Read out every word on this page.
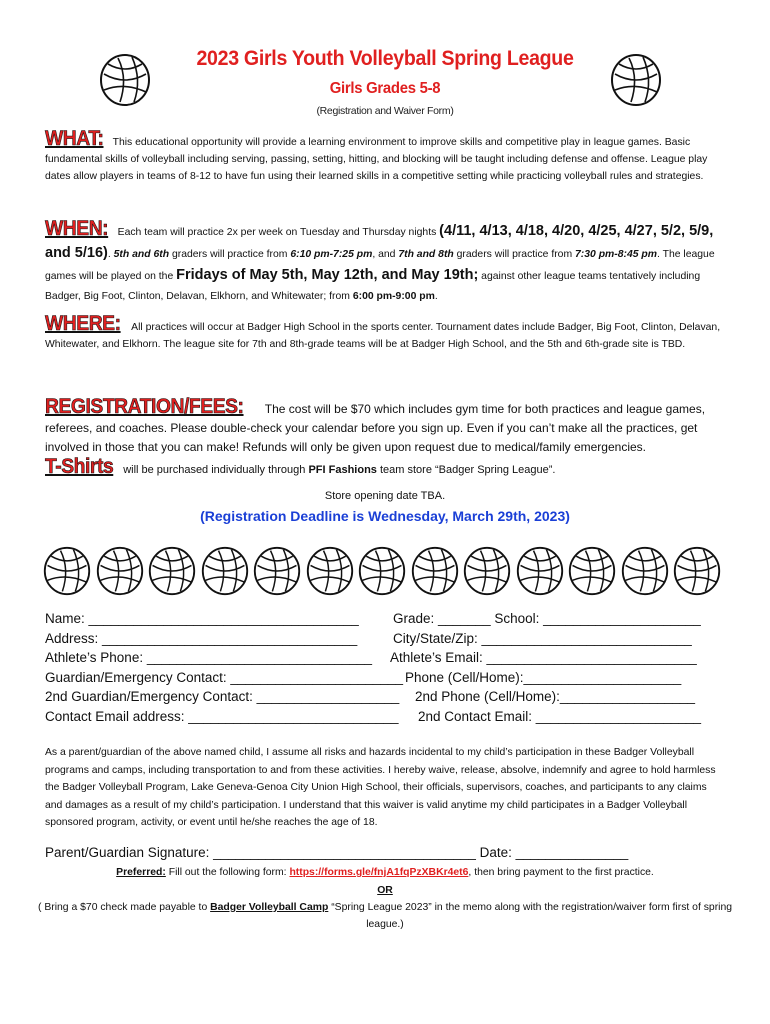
2023 Girls Youth Volleyball Spring League
Girls Grades 5-8
(Registration and Waiver Form)
WHAT: This educational opportunity will provide a learning environment to improve skills and competitive play in league games. Basic fundamental skills of volleyball including serving, passing, setting, hitting, and blocking will be taught including defense and offense. League play dates allow players in teams of 8-12 to have fun using their learned skills in a competitive setting while practicing volleyball rules and strategies.
WHEN: Each team will practice 2x per week on Tuesday and Thursday nights (4/11, 4/13, 4/18, 4/20, 4/25, 4/27, 5/2, 5/9, and 5/16). 5th and 6th graders will practice from 6:10 pm-7:25 pm, and 7th and 8th graders will practice from 7:30 pm-8:45 pm. The league games will be played on the Fridays of May 5th, May 12th, and May 19th; against other league teams tentatively including Badger, Big Foot, Clinton, Delavan, Elkhorn, and Whitewater; from 6:00 pm-9:00 pm.
WHERE: All practices will occur at Badger High School in the sports center. Tournament dates include Badger, Big Foot, Clinton, Delavan, Whitewater, and Elkhorn. The league site for 7th and 8th-grade teams will be at Badger High School, and the 5th and 6th-grade site is TBD.
REGISTRATION/FEES: The cost will be $70 which includes gym time for both practices and league games, referees, and coaches. Please double-check your calendar before you sign up. Even if you can’t make all the practices, get involved in those that you can make! Refunds will only be given upon request due to medical/family emergencies.
T-Shirts will be purchased individually through PFI Fashions team store “Badger Spring League”.
Store opening date TBA.
(Registration Deadline is Wednesday, March 29th, 2023)
Name: ____________________________________	Grade: _______ School: _____________________
Address: __________________________________	City/State/Zip: ____________________________
Athlete’s Phone: ______________________________ Athlete’s Email: ____________________________
Guardian/Emergency Contact: _______________________ Phone (Cell/Home):_____________________
2nd Guardian/Emergency Contact: ___________________ 2nd Phone (Cell/Home):__________________
Contact Email address: ____________________________ 2nd Contact Email: ______________________
As a parent/guardian of the above named child, I assume all risks and hazards incidental to my child’s participation in these Badger Volleyball programs and camps, including transportation to and from these activities. I hereby waive, release, absolve, indemnify and agree to hold harmless the Badger Volleyball Program, Lake Geneva-Genoa City Union High School, their officials, supervisors, coaches, and participants to any claims and damages as a result of my child’s participation. I understand that this waiver is valid anytime my child participates in a Badger Volleyball sponsored program, activity, or event until he/she reaches the age of 18.
Parent/Guardian Signature: ___________________________________ Date: _______________
Preferred: Fill out the following form: https://forms.gle/fnjA1fqPzXBKr4et6, then bring payment to the first practice.
OR
( Bring a $70 check made payable to Badger Volleyball Camp “Spring League 2023” in the memo along with the registration/waiver form first of spring league.)
